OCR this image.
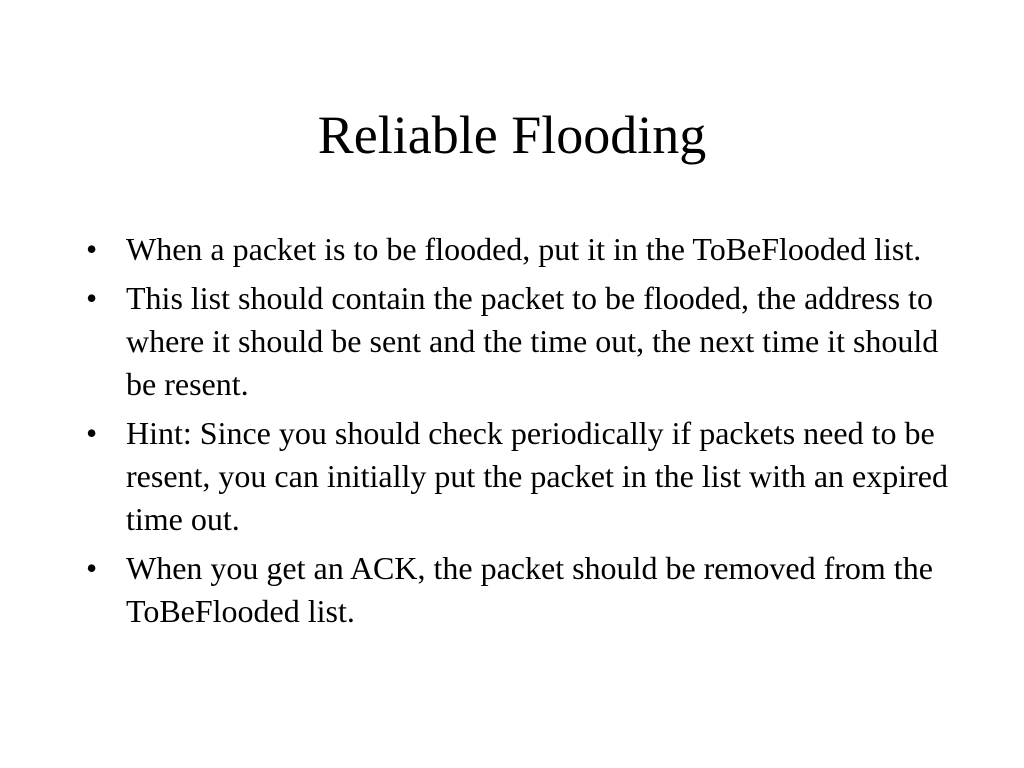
Reliable Flooding
• When a packet is to be flooded, put it in the ToBeFlooded list.
• This list should contain the packet to be flooded, the address to where it should be sent and the time out, the next time it should be resent.
• Hint: Since you should check periodically if packets need to be resent, you can initially put the packet in the list with an expired time out.
• When you get an ACK, the packet should be removed from the ToBeFlooded list.
